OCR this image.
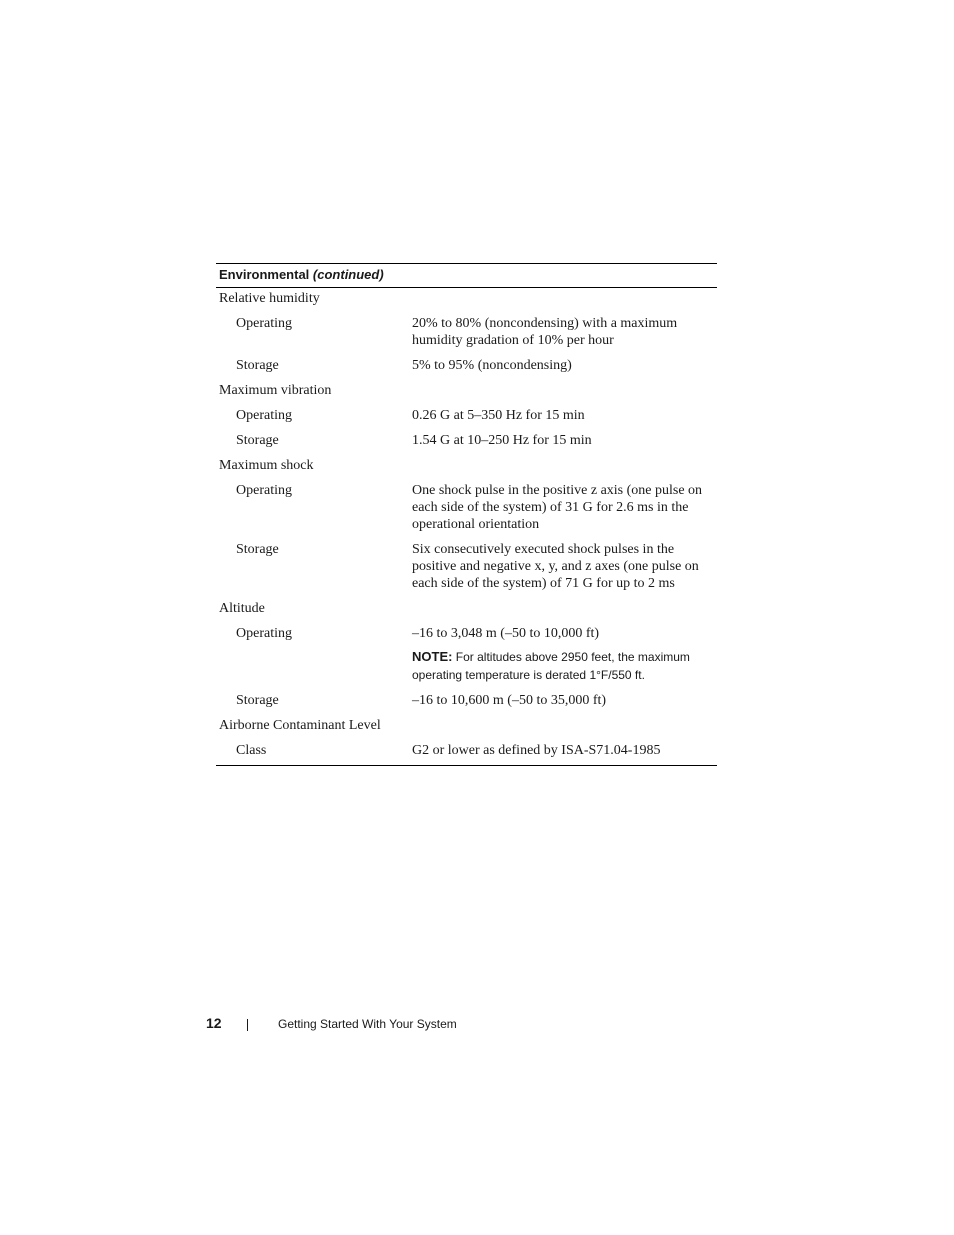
Environmental (continued)
Relative humidity
Operating	20% to 80% (noncondensing) with a maximum humidity gradation of 10% per hour
Storage	5% to 95% (noncondensing)
Maximum vibration
Operating	0.26 G at 5–350 Hz for 15 min
Storage	1.54 G at 10–250 Hz for 15 min
Maximum shock
Operating	One shock pulse in the positive z axis (one pulse on each side of the system) of 31 G for 2.6 ms in the operational orientation
Storage	Six consecutively executed shock pulses in the positive and negative x, y, and z axes (one pulse on each side of the system) of 71 G for up to 2 ms
Altitude
Operating	–16 to 3,048 m (–50 to 10,000 ft)
NOTE: For altitudes above 2950 feet, the maximum operating temperature is derated 1°F/550 ft.
Storage	–16 to 10,600 m (–50 to 35,000 ft)
Airborne Contaminant Level
Class	G2 or lower as defined by ISA-S71.04-1985
12	Getting Started With Your System
